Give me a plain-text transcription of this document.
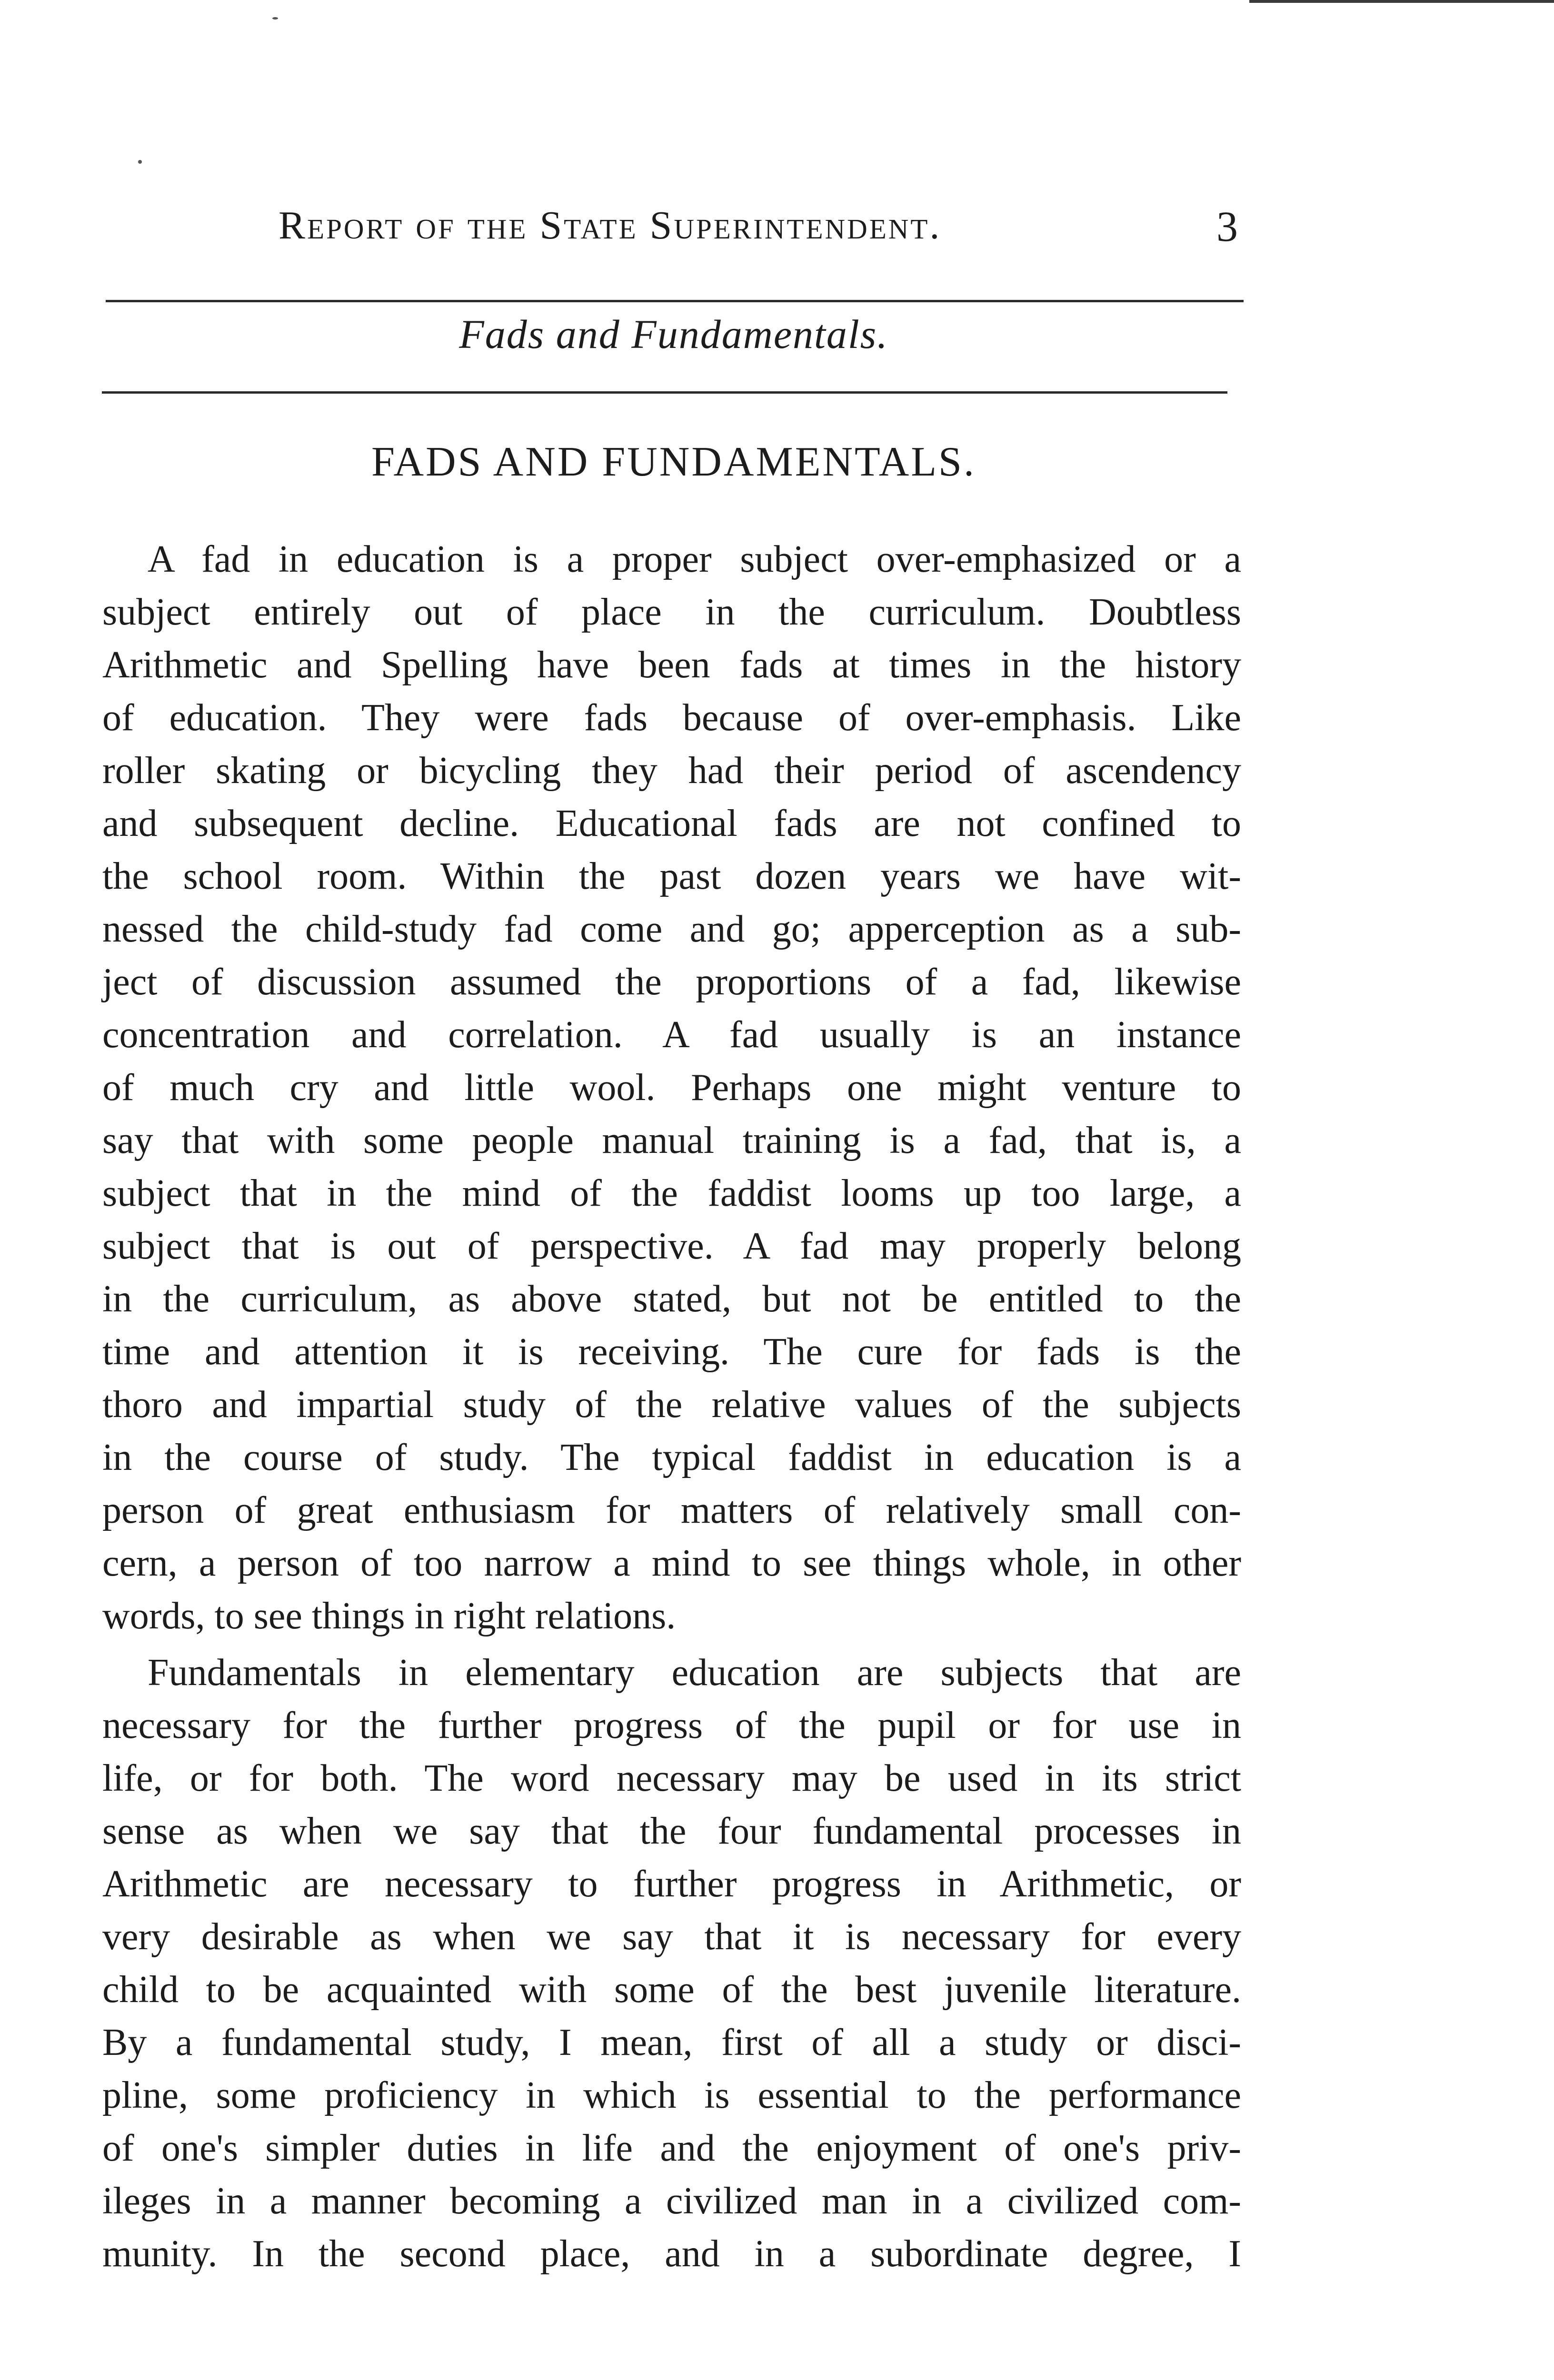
Report of the State Superintendent.	3
Fads and Fundamentals.
FADS AND FUNDAMENTALS.
A fad in education is a proper subject over-emphasized or a
subject entirely out of place in the curriculum. Doubtless
Arithmetic and Spelling have been fads at times in the history
of education. They were fads because of over-emphasis. Like
roller skating or bicycling they had their period of ascendency
and subsequent decline. Educational fads are not confined to
the school room. Within the past dozen years we have wit-
nessed the child-study fad come and go; apperception as a sub-
ject of discussion assumed the proportions of a fad, likewise
concentration and correlation. A fad usually is an instance
of much cry and little wool. Perhaps one might venture to
say that with some people manual training is a fad, that is, a
subject that in the mind of the faddist looms up too large, a
subject that is out of perspective. A fad may properly belong
in the curriculum, as above stated, but not be entitled to the
time and attention it is receiving. The cure for fads is the
thoro and impartial study of the relative values of the subjects
in the course of study. The typical faddist in education is a
person of great enthusiasm for matters of relatively small con-
cern, a person of too narrow a mind to see things whole, in other
words, to see things in right relations.
Fundamentals in elementary education are subjects that are
necessary for the further progress of the pupil or for use in
life, or for both. The word necessary may be used in its strict
sense as when we say that the four fundamental processes in
Arithmetic are necessary to further progress in Arithmetic, or
very desirable as when we say that it is necessary for every
child to be acquainted with some of the best juvenile literature.
By a fundamental study, I mean, first of all a study or disci-
pline, some proficiency in which is essential to the performance
of one's simpler duties in life and the enjoyment of one's priv-
ileges in a manner becoming a civilized man in a civilized com-
munity. In the second place, and in a subordinate degree, I
